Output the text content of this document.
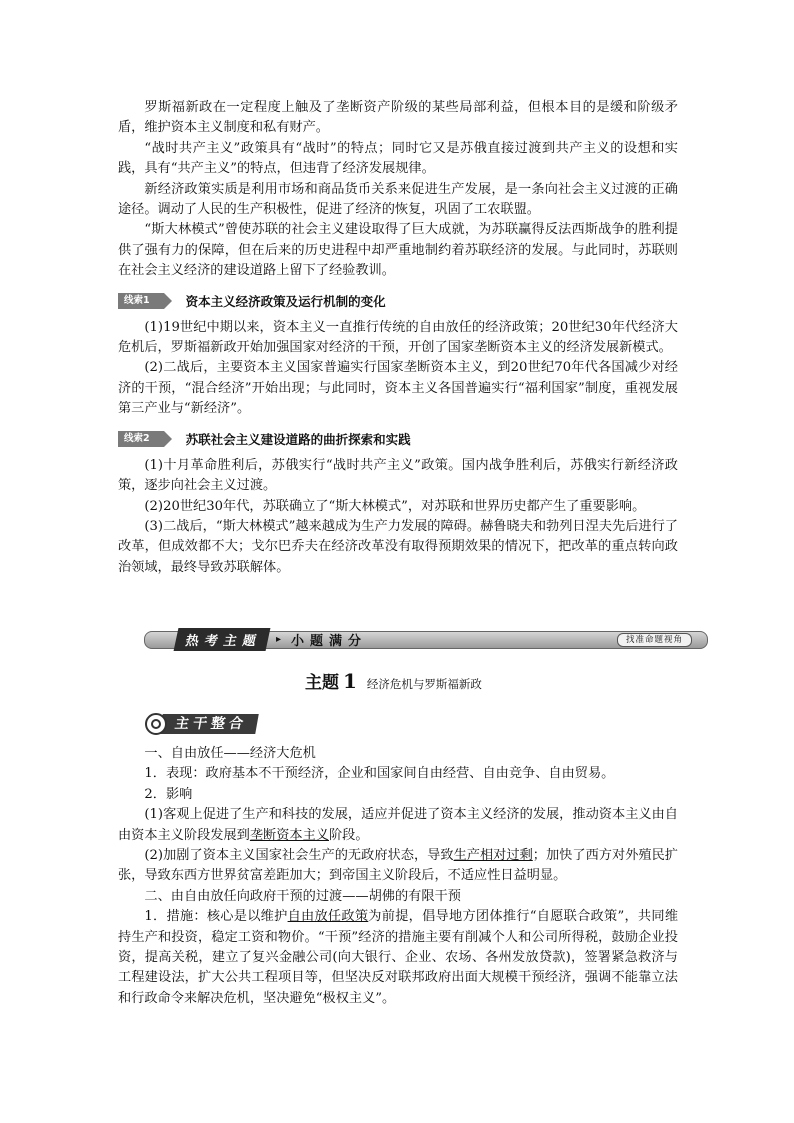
罗斯福新政在一定程度上触及了垄断资产阶级的某些局部利益，但根本目的是缓和阶级矛盾，维护资本主义制度和私有财产。

“战时共产主义”政策具有“战时”的特点；同时它又是苏俄直接过渡到共产主义的设想和实践，具有“共产主义”的特点，但违背了经济发展规律。

新经济政策实质是利用市场和商品货币关系来促进生产发展，是一条向社会主义过渡的正确途径。调动了人民的生产积极性，促进了经济的恢复，巩固了工农联盟。

“斯大林模式”曾使苏联的社会主义建设取得了巨大成就，为苏联赢得反法西斯战争的胜利提供了强有力的保障，但在后来的历史进程中却严重地制约着苏联经济的发展。与此同时，苏联则在社会主义经济的建设道路上留下了经验教训。

线索1	资本主义经济政策及运行机制的变化

(1)19世纪中期以来，资本主义一直推行传统的自由放任的经济政策；20世纪30年代经济大危机后，罗斯福新政开始加强国家对经济的干预，开创了国家垄断资本主义的经济发展新模式。

(2)二战后，主要资本主义国家普遍实行国家垄断资本主义，到20世纪70年代各国减少对经济的干预，“混合经济”开始出现；与此同时，资本主义各国普遍实行“福利国家”制度，重视发展第三产业与“新经济”。

线索2	苏联社会主义建设道路的曲折探索和实践

(1)十月革命胜利后，苏俄实行“战时共产主义”政策。国内战争胜利后，苏俄实行新经济政策，逐步向社会主义过渡。

(2)20世纪30年代，苏联确立了“斯大林模式”，对苏联和世界历史都产生了重要影响。

(3)二战后，“斯大林模式”越来越成为生产力发展的障碍。赫鲁晓夫和勃列日涅夫先后进行了改革，但成效都不大；戈尔巴乔夫在经济改革没有取得预期效果的情况下，把改革的重点转向政治领域，最终导致苏联解体。

热考主题	▸ 小题满分	找准命题视角
主题 1 经济危机与罗斯福新政
主干整合

一、自由放任——经济大危机

1．表现：政府基本不干预经济，企业和国家间自由经营、自由竞争、自由贸易。

2．影响

(1)客观上促进了生产和科技的发展，适应并促进了资本主义经济的发展，推动资本主义由自由资本主义阶段发展到垄断资本主义阶段。

(2)加剧了资本主义国家社会生产的无政府状态，导致生产相对过剩；加快了西方对外殖民扩张，导致东西方世界贫富差距加大；到帝国主义阶段后，不适应性日益明显。

二、由自由放任向政府干预的过渡——胡佛的有限干预

1．措施：核心是以维护自由放任政策为前提，倡导地方团体推行“自愿联合政策”，共同维持生产和投资，稳定工资和物价。“干预”经济的措施主要有削减个人和公司所得税，鼓励企业投资，提高关税，建立了复兴金融公司(向大银行、企业、农场、各州发放贷款)，签署紧急救济与工程建设法，扩大公共工程项目等，但坚决反对联邦政府出面大规模干预经济，强调不能靠立法和行政命令来解决危机，坚决避免“极权主义”。
